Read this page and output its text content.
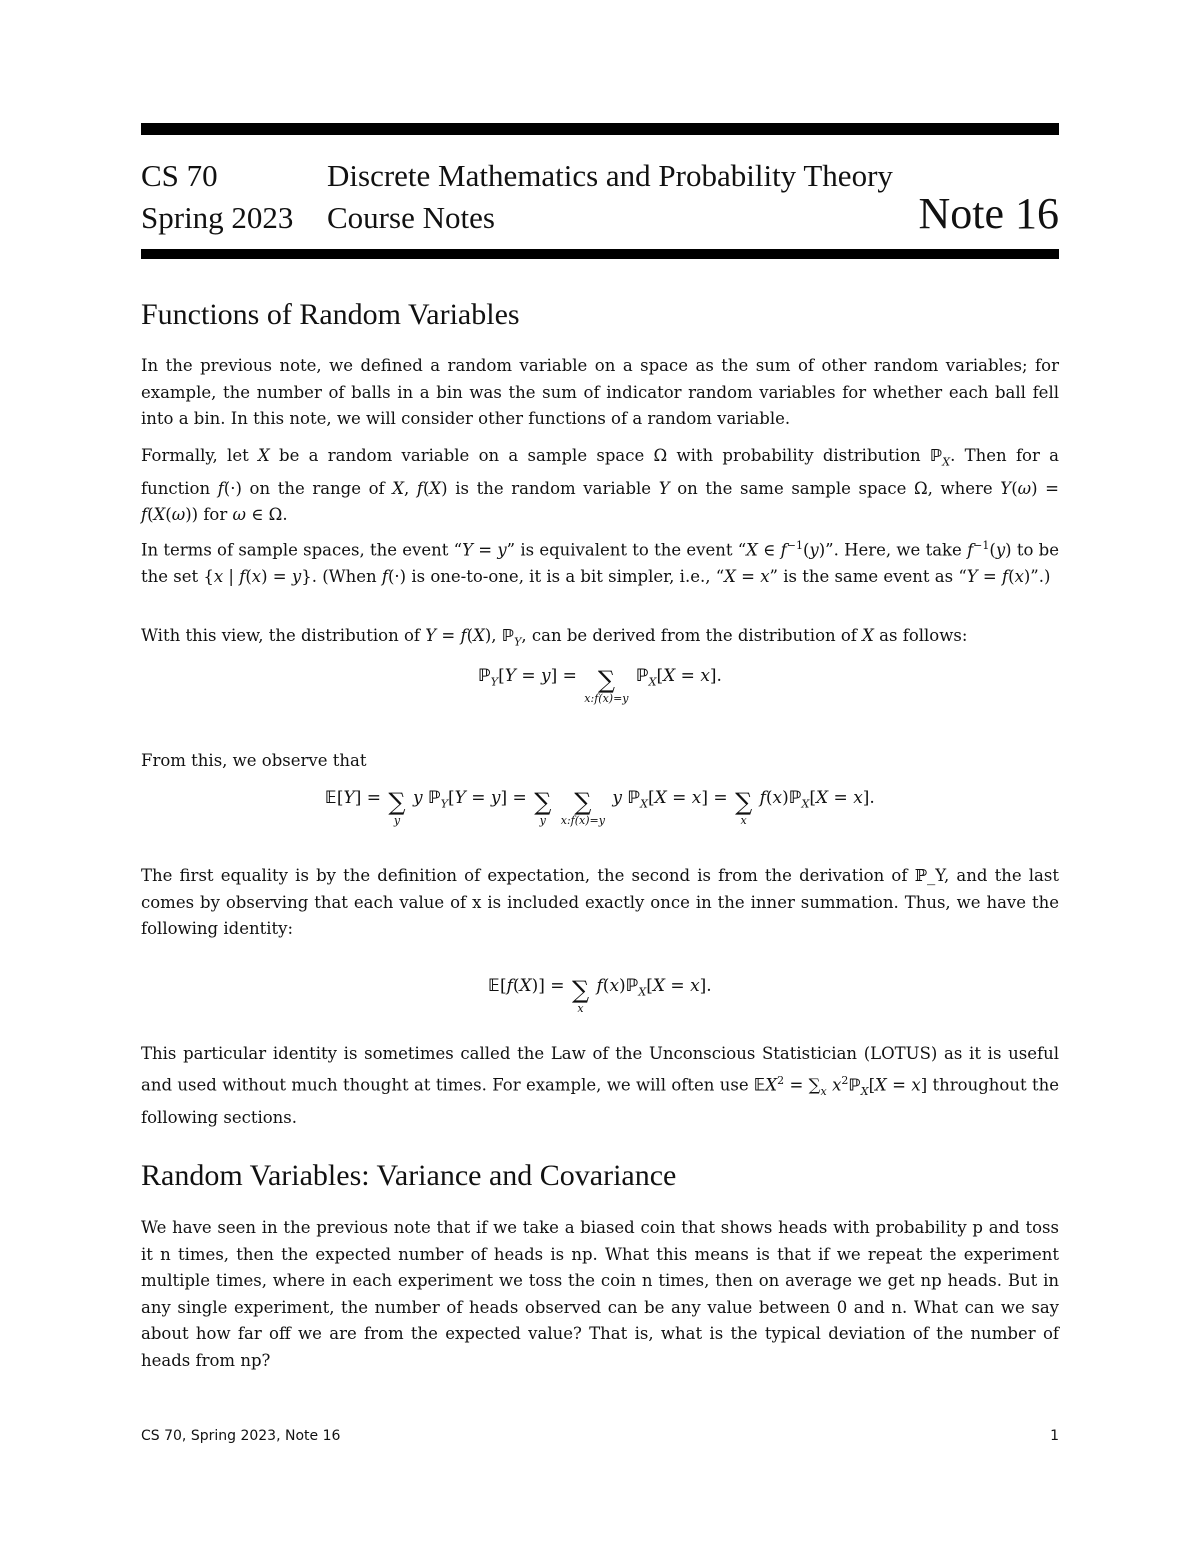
CS 70
Spring 2023
Discrete Mathematics and Probability Theory
Course Notes	Note 16
Functions of Random Variables
In the previous note, we defined a random variable on a space as the sum of other random variables; for example, the number of balls in a bin was the sum of indicator random variables for whether each ball fell into a bin. In this note, we will consider other functions of a random variable.
Formally, let X be a random variable on a sample space Ω with probability distribution ℙ$_X$. Then for a function f(·) on the range of X, f(X) is the random variable Y on the same sample space Ω, where Y(ω) = f(X(ω)) for ω ∈ Ω.
In terms of sample spaces, the event “Y = y” is equivalent to the event “X ∈ $f^{-1}(y)$”. Here, we take $f^{-1}(y)$ to be the set {x | f(x) = y}. (When f(·) is one-to-one, it is a bit simpler, i.e., “X = x” is the same event as “Y = f(x)”.)
With this view, the distribution of Y = f(X), ℙ$_Y$, can be derived from the distribution of X as follows:
ℙ$_Y$[Y = y] = ∑
x:f(x)=y
ℙ$_X$[X = x].
From this, we observe that
𝔼[Y] = ∑
y
y ℙ$_Y$[Y = y] = ∑
y

∑
x:f(x)=y
y ℙ$_X$[X = x] = ∑
x
f(x)ℙ$_X$[X = x].
The first equality is by the definition of expectation, the second is from the derivation of ℙ_Y, and the last comes by observing that each value of x is included exactly once in the inner summation. Thus, we have the following identity:
𝔼[f(X)] = ∑
x
f(x)ℙ$_X$[X = x].
This particular identity is sometimes called the Law of the Unconscious Statistician (LOTUS) as it is useful and used without much thought at times. For example, we will often use 𝔼X$^2$ = $\sum_x$ $x^2ℙ_X[X = x]$ throughout the following sections.
Random Variables: Variance and Covariance
We have seen in the previous note that if we take a biased coin that shows heads with probability p and toss it n times, then the expected number of heads is np. What this means is that if we repeat the experiment multiple times, where in each experiment we toss the coin n times, then on average we get np heads. But in any single experiment, the number of heads observed can be any value between 0 and n. What can we say about how far off we are from the expected value? That is, what is the typical deviation of the number of heads from np?
CS 70, Spring 2023, Note 16	1
